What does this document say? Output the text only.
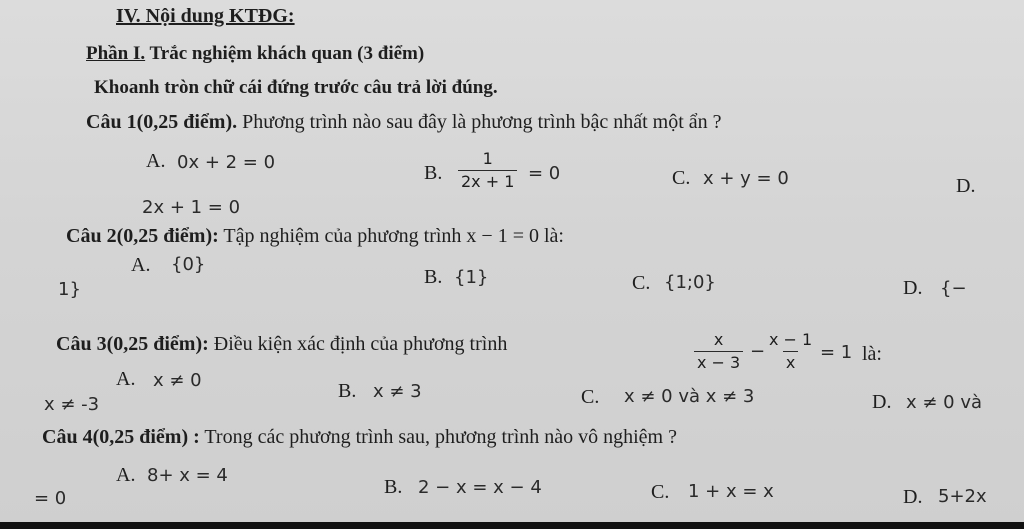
IV. Nội dung KTĐG:
Phần I. Trắc nghiệm khách quan (3 điểm)
Khoanh tròn chữ cái đứng trước câu trả lời đúng.
Câu 1(0,25 điểm). Phương trình nào sau đây là phương trình bậc nhất một ẩn ?
A. 0x + 2 = 0	B. $\frac{1}{2x + 1} = 0$	C. x + y = 0	D.
2x + 1 = 0
Câu 2(0,25 điểm): Tập nghiệm của phương trình x − 1 = 0 là:
A. {0}
B. {1}	C. {1;0}	D. {−
1}
Câu 3(0,25 điểm): Điều kiện xác định của phương trình	$\frac{x}{x - 3} - \frac{x - 1}{x} = 1$ là:
A. x ≠ 0	B. x ≠ 3	C. x ≠ 0 và x ≠ 3	D. x ≠ 0 và
x ≠ -3
Câu 4(0,25 điểm) : Trong các phương trình sau, phương trình nào vô nghiệm ?
A. 8+ x = 4
B. 2 − x = x − 4	C. 1 + x = x	D. 5+2x
= 0
